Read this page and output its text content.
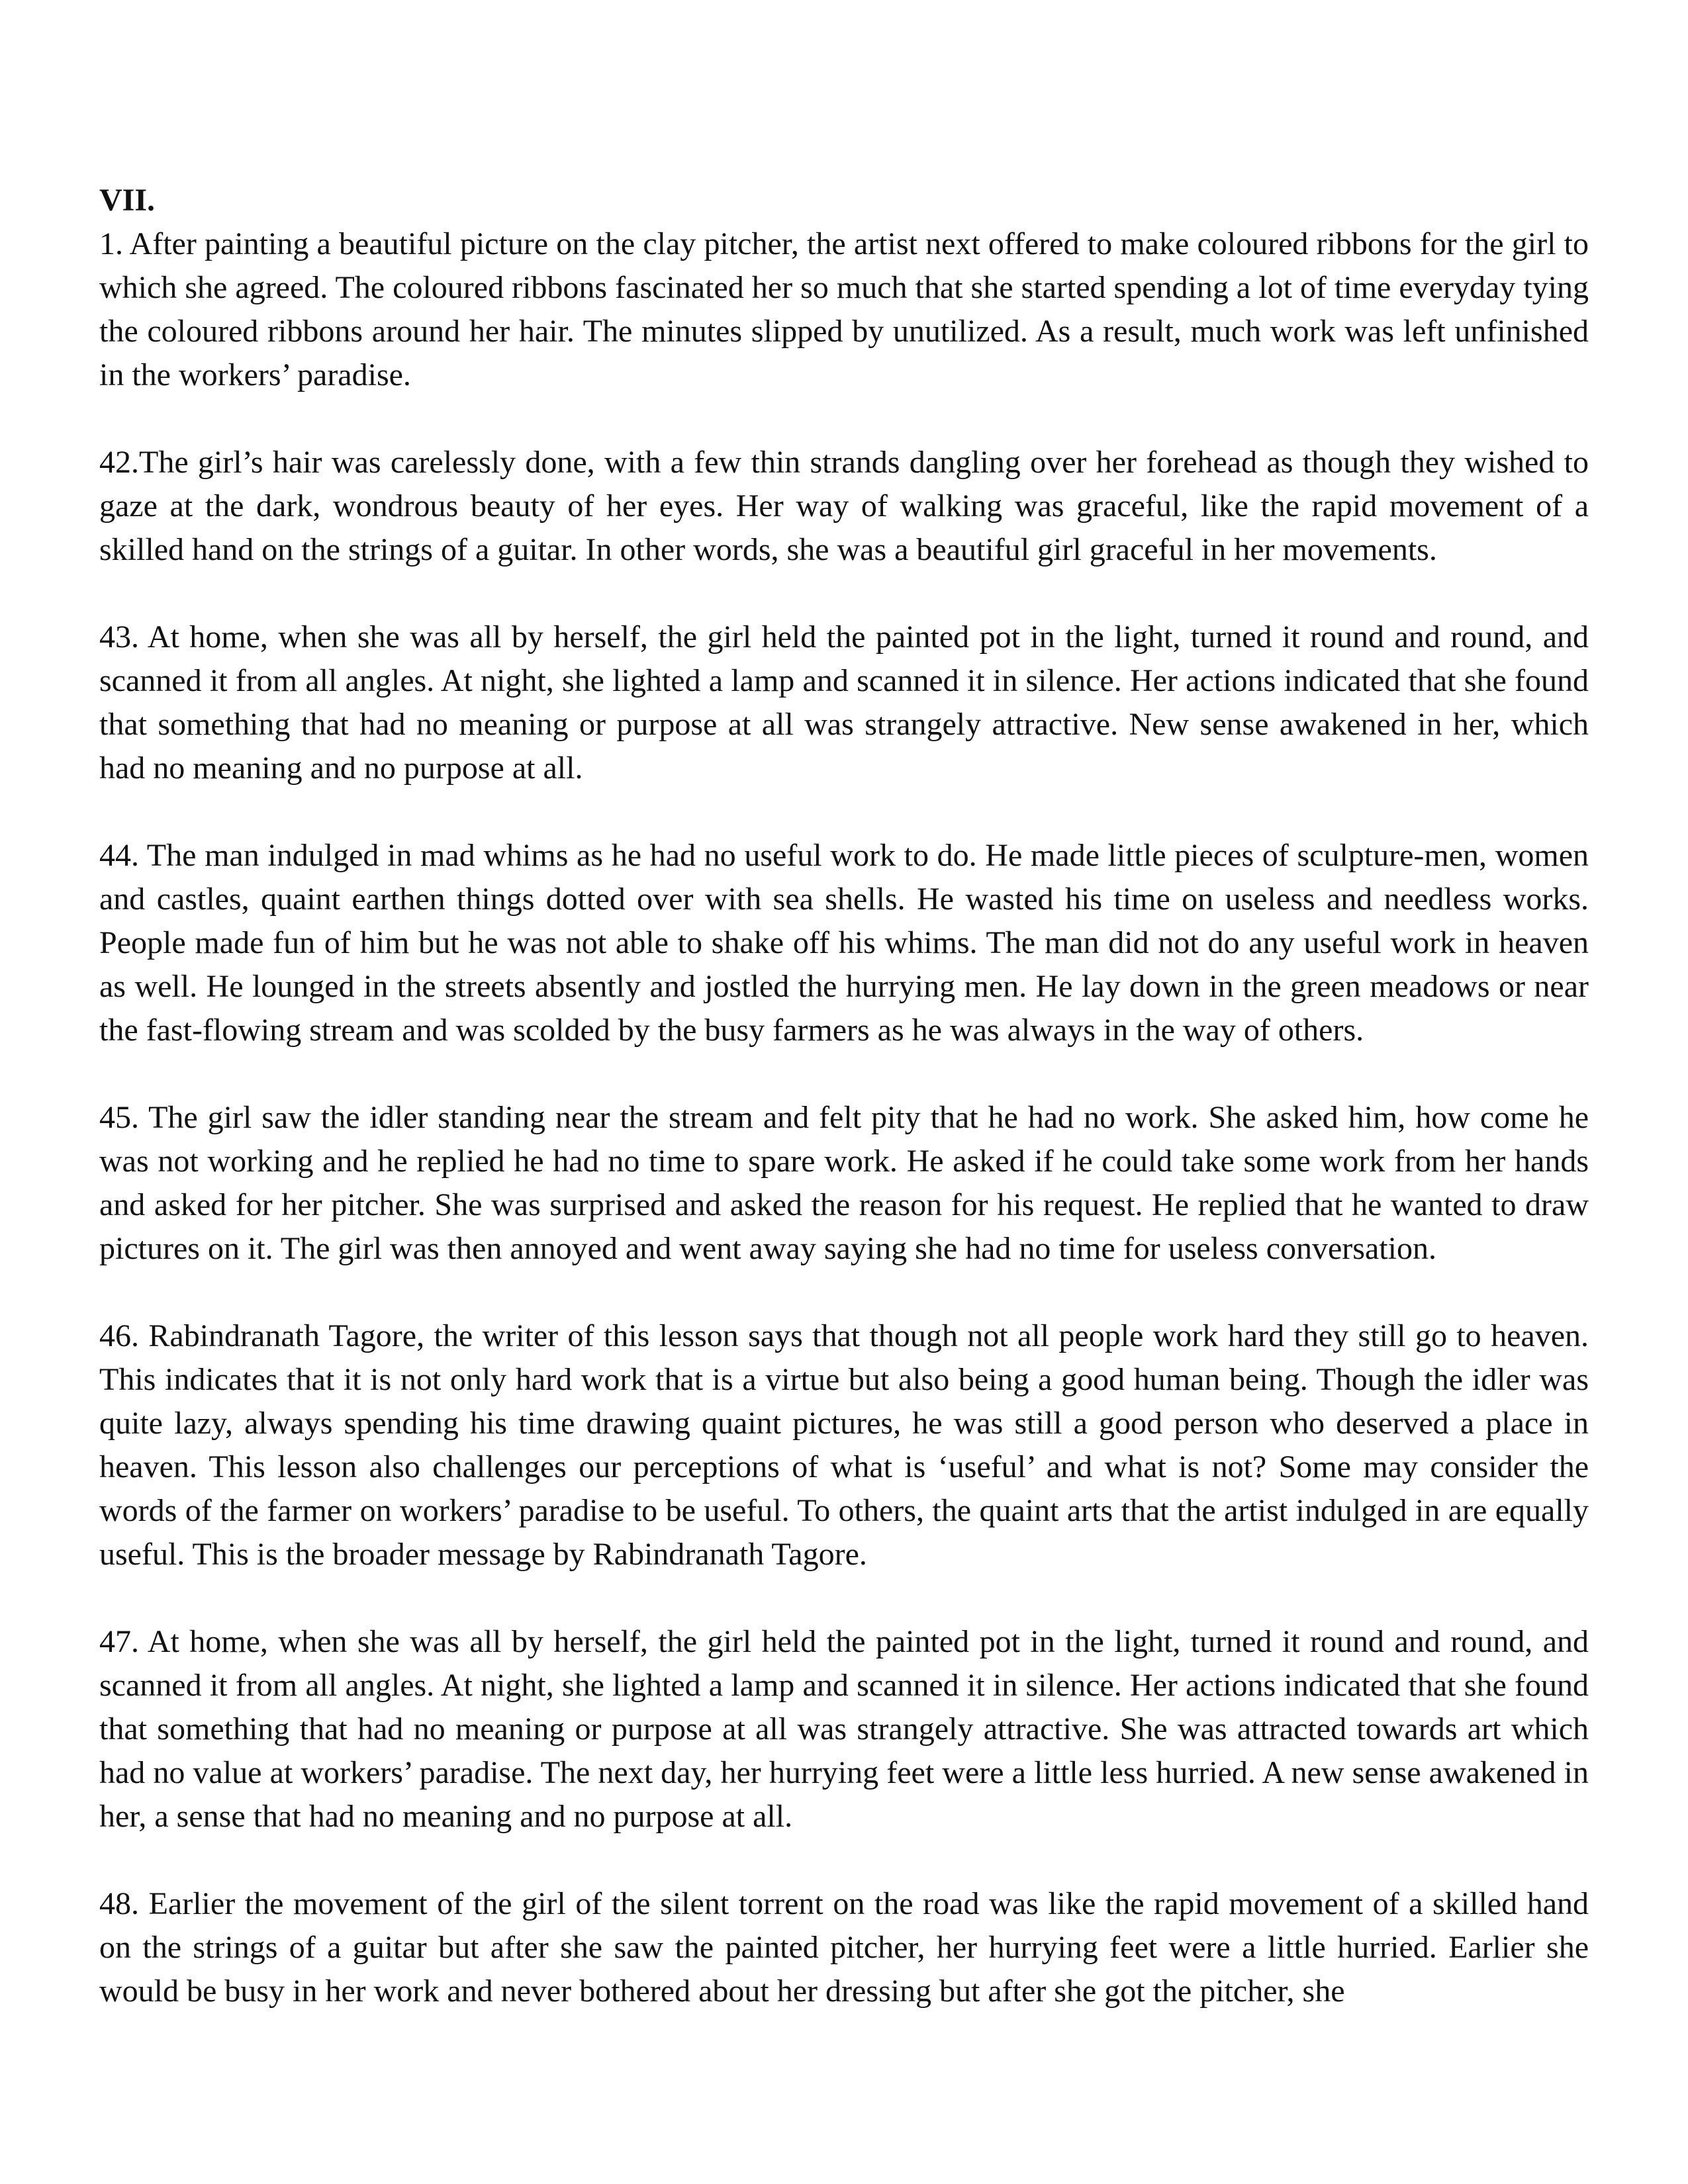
VII.

1. After painting a beautiful picture on the clay pitcher, the artist next offered to make coloured ribbons for the girl to which she agreed. The coloured ribbons fascinated her so much that she started spending a lot of time everyday tying the coloured ribbons around her hair. The minutes slipped by unutilized. As a result, much work was left unfinished in the workers’ paradise.

42.The girl’s hair was carelessly done, with a few thin strands dangling over her forehead as though they wished to gaze at the dark, wondrous beauty of her eyes. Her way of walking was graceful, like the rapid movement of a skilled hand on the strings of a guitar. In other words, she was a beautiful girl graceful in her movements.

43. At home, when she was all by herself, the girl held the painted pot in the light, turned it round and round, and scanned it from all angles. At night, she lighted a lamp and scanned it in silence. Her actions indicated that she found that something that had no meaning or purpose at all was strangely attractive. New sense awakened in her, which had no meaning and no purpose at all.

44. The man indulged in mad whims as he had no useful work to do. He made little pieces of sculpture-men, women and castles, quaint earthen things dotted over with sea shells. He wasted his time on useless and needless works. People made fun of him but he was not able to shake off his whims. The man did not do any useful work in heaven as well. He lounged in the streets absently and jostled the hurrying men. He lay down in the green meadows or near the fast-flowing stream and was scolded by the busy farmers as he was always in the way of others.

45. The girl saw the idler standing near the stream and felt pity that he had no work. She asked him, how come he was not working and he replied he had no time to spare work. He asked if he could take some work from her hands and asked for her pitcher. She was surprised and asked the reason for his request. He replied that he wanted to draw pictures on it. The girl was then annoyed and went away saying she had no time for useless conversation.

46. Rabindranath Tagore, the writer of this lesson says that though not all people work hard they still go to heaven. This indicates that it is not only hard work that is a virtue but also being a good human being. Though the idler was quite lazy, always spending his time drawing quaint pictures, he was still a good person who deserved a place in heaven. This lesson also challenges our perceptions of what is ‘useful’ and what is not? Some may consider the words of the farmer on workers’ paradise to be useful. To others, the quaint arts that the artist indulged in are equally useful. This is the broader message by Rabindranath Tagore.

47. At home, when she was all by herself, the girl held the painted pot in the light, turned it round and round, and scanned it from all angles. At night, she lighted a lamp and scanned it in silence. Her actions indicated that she found that something that had no meaning or purpose at all was strangely attractive. She was attracted towards art which had no value at workers’ paradise. The next day, her hurrying feet were a little less hurried. A new sense awakened in her, a sense that had no meaning and no purpose at all.

48. Earlier the movement of the girl of the silent torrent on the road was like the rapid movement of a skilled hand on the strings of a guitar but after she saw the painted pitcher, her hurrying feet were a little hurried. Earlier she would be busy in her work and never bothered about her dressing but after she got the pitcher, she
